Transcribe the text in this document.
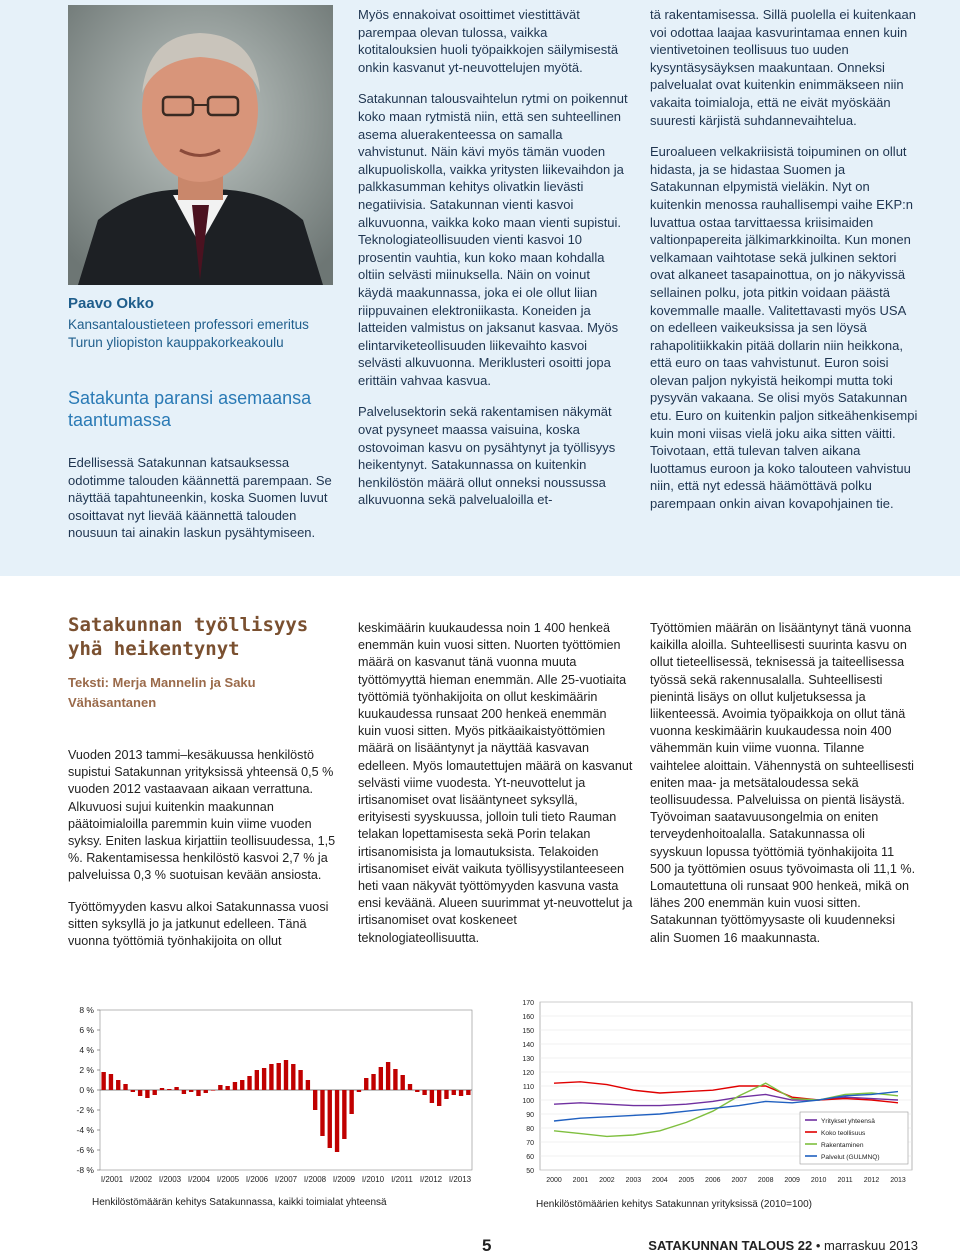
Paavo Okko
Kansantaloustieteen professori emeritus Turun yliopiston kauppakorkeakoulu
Satakunta paransi asemaansa taantumassa
Edellisessä Satakunnan katsauksessa odotimme talouden käännettä parempaan. Se näyttää tapahtuneenkin, koska Suomen luvut osoittavat nyt lievää käännettä talouden nousuun tai ainakin laskun pysähtymiseen.

Myös ennakoivat osoittimet viestittävät parempaa olevan tulossa, vaikka kotitalouksien huoli työpaikkojen säilymisestä onkin kasvanut yt-neuvottelujen myötä.

Satakunnan talousvaihtelun rytmi on poikennut koko maan rytmistä niin, että sen suhteellinen asema aluerakenteessa on samalla vahvistunut. Näin kävi myös tämän vuoden alkupuoliskolla, vaikka yritysten liikevaihdon ja palkkasumman kehitys olivatkin lievästi negatiivisia. Satakunnan vienti kasvoi alkuvuonna, vaikka koko maan vienti supistui. Teknologiateollisuuden vienti kasvoi 10 prosentin vauhtia, kun koko maan kohdalla oltiin selvästi miinuksella. Näin on voinut käydä maakunnassa, joka ei ole ollut liian riippuvainen elektroniikasta. Koneiden ja latteiden valmistus on jaksanut kasvaa. Myös elintarviketeollisuuden liikevaihto kasvoi selvästi alkuvuonna. Meriklusteri osoitti jopa erittäin vahvaa kasvua.

Palvelusektorin sekä rakentamisen näkymät ovat pysyneet maassa vaisuina, koska ostovoiman kasvu on pysähtynyt ja työllisyys heikentynyt. Satakunnassa on kuitenkin henkilöstön määrä ollut onneksi noussussa alkuvuonna sekä palvelualoilla et-

tä rakentamisessa. Sillä puolella ei kuitenkaan voi odottaa laajaa kasvurintamaa ennen kuin vientivetoinen teollisuus tuo uuden kysyntäsysäyksen maakuntaan. Onneksi palvelualat ovat kuitenkin enimmäkseen niin vakaita toimialoja, että ne eivät myöskään suuresti kärjistä suhdannevaihtelua.

Euroalueen velkakriisistä toipuminen on ollut hidasta, ja se hidastaa Suomen ja Satakunnan elpymistä vieläkin. Nyt on kuitenkin menossa rauhallisempi vaihe EKP:n luvattua ostaa tarvittaessa kriisimaiden valtionpapereita jälkimarkkinoilta. Kun monen velkamaan vaihtotase sekä julkinen sektori ovat alkaneet tasapainottua, on jo näkyvissä sellainen polku, jota pitkin voidaan päästä kovemmalle maalle. Valitettavasti myös USA on edelleen vaikeuksissa ja sen löysä rahapolitiikkakin pitää dollarin niin heikkona, että euro on taas vahvistunut. Euron soisi olevan paljon nykyistä heikompi mutta toki pysyvän vakaana. Se olisi myös Satakunnan etu. Euro on kuitenkin paljon sitkeähenkisempi kuin moni viisas vielä joku aika sitten väitti. Toivotaan, että tulevan talven aikana luottamus euroon ja koko talouteen vahvistuu niin, että nyt edessä häämöttävä polku parempaan onkin aivan kovapohjainen tie.

Satakunnan työllisyys yhä heikentynyt
Teksti: Merja Mannelin ja Saku Vähäsantanen

Vuoden 2013 tammi–kesäkuussa henkilöstö supistui Satakunnan yrityksissä yhteensä 0,5 % vuoden 2012 vastaavaan aikaan verrattuna. Alkuvuosi sujui kuitenkin maakunnan päätoimialoilla paremmin kuin viime vuoden syksy. Eniten laskua kirjattiin teollisuudessa, 1,5 %. Rakentamisessa henkilöstö kasvoi 2,7 % ja palveluissa 0,3 % suotuisan kevään ansiosta.

Työttömyyden kasvu alkoi Satakunnassa vuosi sitten syksyllä jo ja jatkunut edelleen. Tänä vuonna työttömiä työnhakijoita on ollut

keskimäärin kuukaudessa noin 1 400 henkeä enemmän kuin vuosi sitten. Nuorten työttömien määrä on kasvanut tänä vuonna muuta työttömyyttä hieman enemmän. Alle 25-vuotiaita työttömiä työnhakijoita on ollut keskimäärin kuukaudessa runsaat 200 henkeä enemmän kuin vuosi sitten. Myös pitkäaikaistyöttömien määrä on lisääntynyt ja näyttää kasvavan edelleen. Myös lomautettujen määrä on kasvanut selvästi viime vuodesta. Yt-neuvottelut ja irtisanomiset ovat lisääntyneet syksyllä, erityisesti syyskuussa, jolloin tuli tieto Rauman telakan lopettamisesta sekä Porin telakan irtisanomisista ja lomautuksista. Telakoiden irtisanomiset eivät vaikuta työllisyystilanteeseen heti vaan näkyvät työttömyyden kasvuna vasta ensi keväänä. Alueen suurimmat yt-neuvottelut ja irtisanomiset ovat koskeneet teknologiateollisuutta.

Työttömien määrän on lisääntynyt tänä vuonna kaikilla aloilla. Suhteellisesti suurinta kasvu on ollut tieteellisessä, teknisessä ja taiteellisessa työssä sekä rakennusalalla. Suhteellisesti pienintä lisäys on ollut kuljetuksessa ja liikenteessä. Avoimia työpaikkoja on ollut tänä vuonna keskimäärin kuukaudessa noin 400 vähemmän kuin viime vuonna. Tilanne vaihtelee aloittain. Vähennystä on suhteellisesti eniten maa- ja metsätaloudessa sekä teollisuudessa. Palveluissa on pientä lisäystä. Työvoiman saatavuusongelmia on eniten terveydenhoitoalalla. Satakunnassa oli syyskuun lopussa työttömiä työnhakijoita 11 500 ja työttömien osuus työvoimasta oli 11,1 %. Lomautettuna oli runsaat 900 henkeä, mikä on lähes 200 enemmän kuin vuosi sitten. Satakunnan työttömyysaste oli kuudenneksi alin Suomen 16 maakunnasta.

8 %
6 %
4 %
2 %
0 %
-2 %
-4 %
-6 %
-8 %
I/2001 I/2002 I/2003 I/2004 I/2005 I/2006 I/2007 I/2008 I/2009 I/2010 I/2011 I/2012 I/2013
Henkilöstömäärän kehitys Satakunnassa, kaikki toimialat yhteensä
170
160
150
140
130
120
110
100
90
80
70
60
50
2000 2001 2002 2003 2004 2005 2006 2007 2008 2009 2010 2011 2012 2013
Yritykset yhteensä
Koko teollisuus
Rakentaminen
Palvelut (GULMNQ)
Henkilöstömäärien kehitys Satakunnan yrityksissä (2010=100)
5	SATAKUNNAN TALOUS 22 • marraskuu 2013
